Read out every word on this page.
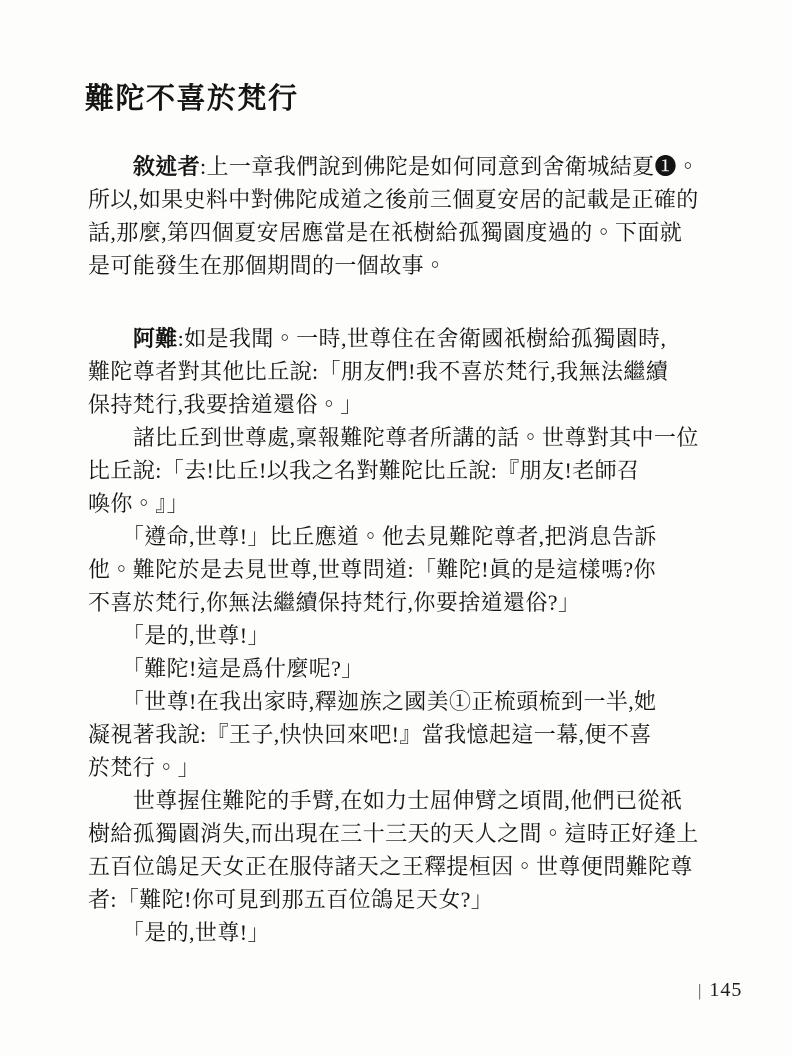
難陀不喜於梵行
　　敘述者:上一章我們說到佛陀是如何同意到舍衛城結夏❶。
所以,如果史料中對佛陀成道之後前三個夏安居的記載是正確的
話,那麼,第四個夏安居應當是在祇樹給孤獨園度過的。下面就
是可能發生在那個期間的一個故事。
　　阿難:如是我聞。一時,世尊住在舍衛國祇樹給孤獨園時,
難陀尊者對其他比丘說:「朋友們!我不喜於梵行,我無法繼續
保持梵行,我要捨道還俗。」
　　諸比丘到世尊處,稟報難陀尊者所講的話。世尊對其中一位
比丘說:「去!比丘!以我之名對難陀比丘說:『朋友!老師召
喚你。』」
　　「遵命,世尊!」比丘應道。他去見難陀尊者,把消息告訴
他。難陀於是去見世尊,世尊問道:「難陀!眞的是這樣嗎?你
不喜於梵行,你無法繼續保持梵行,你要捨道還俗?」
　　「是的,世尊!」
　　「難陀!這是爲什麼呢?」
　　「世尊!在我出家時,釋迦族之國美①正梳頭梳到一半,她
凝視著我說:『王子,快快回來吧!』當我憶起這一幕,便不喜
於梵行。」
　　世尊握住難陀的手臂,在如力士屈伸臂之頃間,他們已從祇
樹給孤獨園消失,而出現在三十三天的天人之間。這時正好逢上
五百位鴿足天女正在服侍諸天之王釋提桓因。世尊便問難陀尊
者:「難陀!你可見到那五百位鴿足天女?」
　　「是的,世尊!」
| 145
